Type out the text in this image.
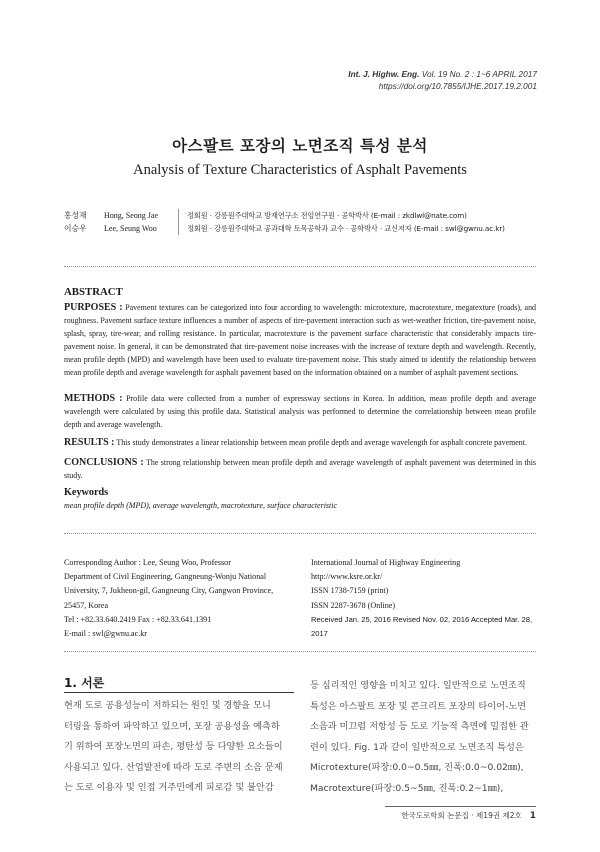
Int. J. Highw. Eng. Vol. 19 No. 2 : 1~6 APRIL 2017
https://doi.org/10.7855/IJHE.2017.19.2.001
아스팔트 포장의 노면조직 특성 분석
Analysis of Texture Characteristics of Asphalt Pavements
홍성재	Hong, Seong Jae	정회원 · 강릉원주대학교 방재연구소 전임연구원 · 공학박사 (E-mail : zkdlwl@nate.com)
이승우	Lee, Seung Woo	정회원 · 강릉원주대학교 공과대학 토목공학과 교수 · 공학박사 · 교신저자 (E-mail : swl@gwnu.ac.kr)
ABSTRACT
PURPOSES : Pavement textures can be categorized into four according to wavelength: microtexture, macrotexture, megatexture (roads), and roughness. Pavement surface texture influences a number of aspects of tire-pavement interaction such as wet-weather friction, tire-pavement noise, splash, spray, tire-wear, and rolling resistance. In particular, macrotexture is the pavement surface characteristic that considerably impacts tire-pavement noise. In general, it can be demonstrated that tire-pavement noise increases with the increase of texture depth and wavelength. Recently, mean profile depth (MPD) and wavelength have been used to evaluate tire-pavement noise. This study aimed to identify the relationship between mean profile depth and average wavelength for asphalt pavement based on the information obtained on a number of asphalt pavement sections.
METHODS : Profile data were collected from a number of expressway sections in Korea. In addition, mean profile depth and average wavelength were calculated by using this profile data. Statistical analysis was performed to determine the correlationship between mean profile depth and average wavelength.
RESULTS : This study demonstrates a linear relationship between mean profile depth and average wavelength for asphalt concrete pavement.
CONCLUSIONS : The strong relationship between mean profile depth and average wavelength of asphalt pavement was determined in this study.
Keywords
mean profile depth (MPD), average wavelength, macrotexture, surface characteristic
Corresponding Author : Lee, Seung Woo, Professor
Department of Civil Engineering, Gangneung-Wonju National
University, 7, Jukheon-gil, Gangneung City, Gangwon Province,
25457, Korea
Tel : +82.33.640.2419 Fax : +82.33.641.1391
E-mail : swl@gwnu.ac.kr
International Journal of Highway Engineering
http://www.ksre.or.kr/
ISSN 1738-7159 (print)
ISSN 2287-3678 (Online)
Received Jan. 25, 2016 Revised Nov. 02, 2016 Accepted Mar. 28, 2017
1. 서론
현재 도로 공용성능이 저하되는 원인 및 경향을 모니
터링을 통하여 파악하고 있으며, 포장 공용성을 예측하
기 위하여 포장노면의 파손, 평탄성 등 다양한 요소들이
사용되고 있다. 산업발전에 따라 도로 주변의 소음 문제
는 도로 이용자 및 인접 거주민에게 피로감 및 불안감
등 심리적인 영향을 미치고 있다. 일반적으로 노면조직
특성은 아스팔트 포장 및 콘크리트 포장의 타이어-노면
소음과 미끄럼 저항성 등 도로 기능적 측면에 밀접한 관
련이 있다. Fig. 1과 같이 일반적으로 노면조직 특성은
Microtexture(파장:0.0~0.5㎜, 진폭:0.0~0.02㎜),
Macrotexture(파장:0.5~5㎜, 진폭:0.2~1㎜),
한국도로학회 논문집 · 제19권 제2호 1
